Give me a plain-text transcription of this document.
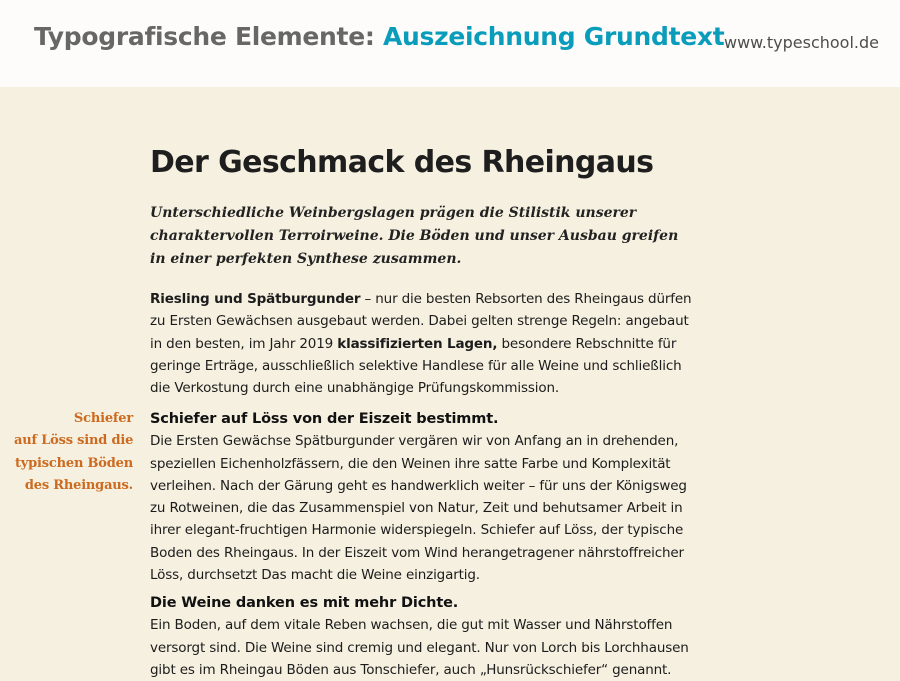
Typografische Elemente: Auszeichnung Grundtext www.typeschool.de
Der Geschmack des Rheingaus
Unterschiedliche Weinbergslagen prägen die Stilistik unserer
charaktervollen Terroirweine. Die Böden und unser Ausbau greifen
in einer perfekten Synthese zusammen.
Riesling und Spätburgunder – nur die besten Rebsorten des Rheingaus dürfen
zu Ersten Gewächsen ausgebaut werden. Dabei gelten strenge Regeln: angebaut
in den besten, im Jahr 2019 klassifizierten Lagen, besondere Rebschnitte für
geringe Erträge, ausschließlich selektive Handlese für alle Weine und schließlich
die Verkostung durch eine unabhängige Prüfungskommission.
Schiefer
auf Löss sind die
typischen Böden
des Rheingaus.
Schiefer auf Löss von der Eiszeit bestimmt.
Die Ersten Gewächse Spätburgunder vergären wir von Anfang an in drehenden,
speziellen Eichenholzfässern, die den Weinen ihre satte Farbe und Komplexität
verleihen. Nach der Gärung geht es handwerklich weiter – für uns der Königsweg
zu Rotweinen, die das Zusammenspiel von Natur, Zeit und behutsamer Arbeit in
ihrer elegant-fruchtigen Harmonie widerspiegeln. Schiefer auf Löss, der typische
Boden des Rheingaus. In der Eiszeit vom Wind herangetragener nährstoffreicher
Löss, durchsetzt Das macht die Weine einzigartig.
Die Weine danken es mit mehr Dichte.
Ein Boden, auf dem vitale Reben wachsen, die gut mit Wasser und Nährstoffen
versorgt sind. Die Weine sind cremig und elegant. Nur von Lorch bis Lorchhausen
gibt es im Rheingau Böden aus Tonschiefer, auch „Hunsrückschiefer“ genannt.
